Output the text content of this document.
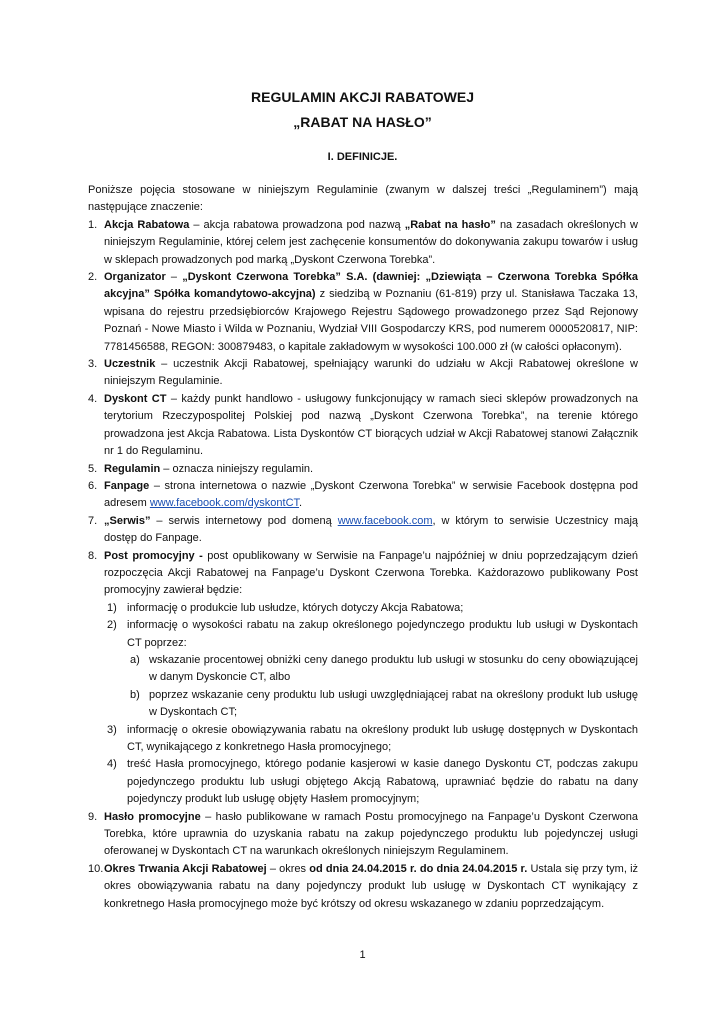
REGULAMIN AKCJI RABATOWEJ
„RABAT NA HASŁO”
I. DEFINICJE.

Poniższe pojęcia stosowane w niniejszym Regulaminie (zwanym w dalszej treści „Regulaminem”) mają następujące znaczenie:

1. Akcja Rabatowa – akcja rabatowa prowadzona pod nazwą „Rabat na hasło” na zasadach określonych w niniejszym Regulaminie, której celem jest zachęcenie konsumentów do dokonywania zakupu towarów i usług w sklepach prowadzonych pod marką „Dyskont Czerwona Torebka”.
2. Organizator – „Dyskont Czerwona Torebka” S.A. (dawniej: „Dziewiąta – Czerwona Torebka Spółka akcyjna” Spółka komandytowo-akcyjna) z siedzibą w Poznaniu (61-819) przy ul. Stanisława Taczaka 13, wpisana do rejestru przedsiębiorców Krajowego Rejestru Sądowego prowadzonego przez Sąd Rejonowy Poznań - Nowe Miasto i Wilda w Poznaniu, Wydział VIII Gospodarczy KRS, pod numerem 0000520817, NIP: 7781456588, REGON: 300879483, o kapitale zakładowym w wysokości 100.000 zł (w całości opłaconym).
3. Uczestnik – uczestnik Akcji Rabatowej, spełniający warunki do udziału w Akcji Rabatowej określone w niniejszym Regulaminie.
4. Dyskont CT – każdy punkt handlowo - usługowy funkcjonujący w ramach sieci sklepów prowadzonych na terytorium Rzeczypospolitej Polskiej pod nazwą „Dyskont Czerwona Torebka”, na terenie którego prowadzona jest Akcja Rabatowa. Lista Dyskontów CT biorących udział w Akcji Rabatowej stanowi Załącznik nr 1 do Regulaminu.
5. Regulamin – oznacza niniejszy regulamin.
6. Fanpage – strona internetowa o nazwie „Dyskont Czerwona Torebka” w serwisie Facebook dostępna pod adresem www.facebook.com/dyskontCT.
7. „Serwis” – serwis internetowy pod domeną www.facebook.com, w którym to serwisie Uczestnicy mają dostęp do Fanpage.
8. Post promocyjny - post opublikowany w Serwisie na Fanpage’u najpóźniej w dniu poprzedzającym dzień rozpoczęcia Akcji Rabatowej na Fanpage’u Dyskont Czerwona Torebka. Każdorazowo publikowany Post promocyjny zawierał będzie:
1) informację o produkcie lub usłudze, których dotyczy Akcja Rabatowa;
2) informację o wysokości rabatu na zakup określonego pojedynczego produktu lub usługi w Dyskontach CT poprzez:
a) wskazanie procentowej obniżki ceny danego produktu lub usługi w stosunku do ceny obowiązującej w danym Dyskoncie CT, albo
b) poprzez wskazanie ceny produktu lub usługi uwzględniającej rabat na określony produkt lub usługę w Dyskontach CT;
3) informację o okresie obowiązywania rabatu na określony produkt lub usługę dostępnych w Dyskontach CT, wynikającego z konkretnego Hasła promocyjnego;
4) treść Hasła promocyjnego, którego podanie kasjerowi w kasie danego Dyskontu CT, podczas zakupu pojedynczego produktu lub usługi objętego Akcją Rabatową, uprawniać będzie do rabatu na dany pojedynczy produkt lub usługę objęty Hasłem promocyjnym;
9. Hasło promocyjne – hasło publikowane w ramach Postu promocyjnego na Fanpage’u Dyskont Czerwona Torebka, które uprawnia do uzyskania rabatu na zakup pojedynczego produktu lub pojedynczej usługi oferowanej w Dyskontach CT na warunkach określonych niniejszym Regulaminem.
10. Okres Trwania Akcji Rabatowej – okres od dnia 24.04.2015 r. do dnia 24.04.2015 r. Ustala się przy tym, iż okres obowiązywania rabatu na dany pojedynczy produkt lub usługę w Dyskontach CT wynikający z konkretnego Hasła promocyjnego może być krótszy od okresu wskazanego w zdaniu poprzedzającym.
1
